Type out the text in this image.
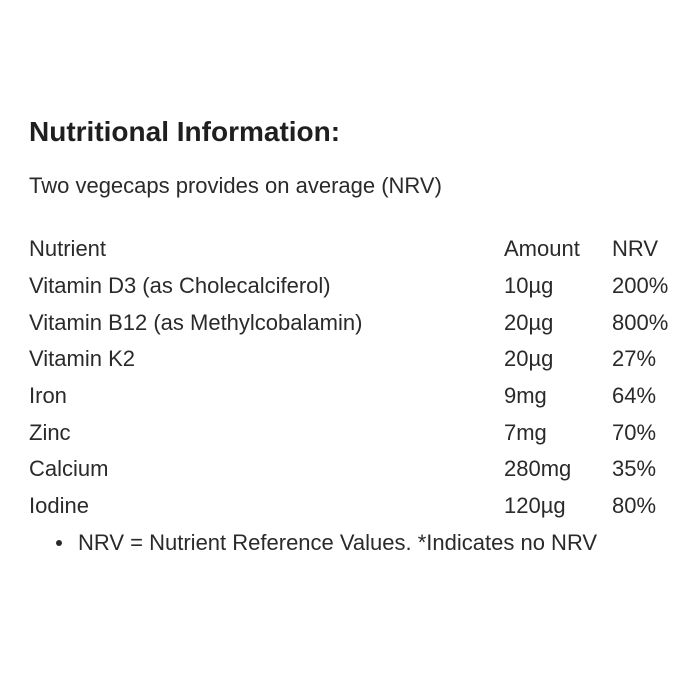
Nutritional Information:

Two vegecaps provides on average (NRV)

Nutrient	Amount	NRV
Vitamin D3 (as Cholecalciferol)	10µg	200%
Vitamin B12 (as Methylcobalamin)	20µg	800%
Vitamin K2	20µg	27%
Iron	9mg	64%
Zinc	7mg	70%
Calcium	280mg	35%
Iodine	120µg	80%
NRV = Nutrient Reference Values. *Indicates no NRV
